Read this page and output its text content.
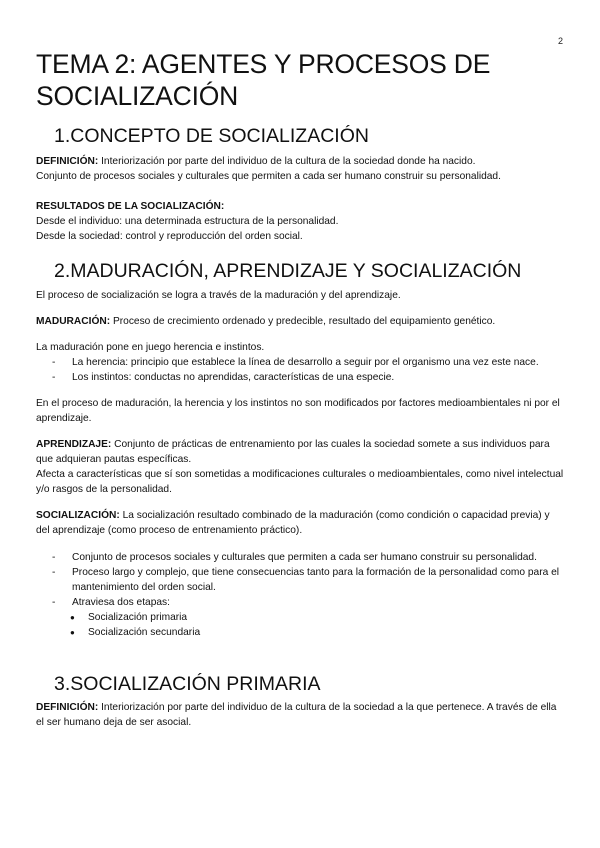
2
TEMA 2: AGENTES Y PROCESOS DE
SOCIALIZACIÓN
1.CONCEPTO DE SOCIALIZACIÓN

DEFINICIÓN: Interiorización por parte del individuo de la cultura de la sociedad donde ha nacido.
Conjunto de procesos sociales y culturales que permiten a cada ser humano construir su personalidad.

RESULTADOS DE LA SOCIALIZACIÓN:
Desde el individuo: una determinada estructura de la personalidad.
Desde la sociedad: control y reproducción del orden social.

2.MADURACIÓN, APRENDIZAJE Y SOCIALIZACIÓN

El proceso de socialización se logra a través de la maduración y del aprendizaje.

MADURACIÓN: Proceso de crecimiento ordenado y predecible, resultado del equipamiento genético.

La maduración pone en juego herencia e instintos.

- La herencia: principio que establece la línea de desarrollo a seguir por el organismo una vez este nace.
- Los instintos: conductas no aprendidas, características de una especie.

En el proceso de maduración, la herencia y los instintos no son modificados por factores medioambientales ni por el aprendizaje.

APRENDIZAJE: Conjunto de prácticas de entrenamiento por las cuales la sociedad somete a sus individuos para que adquieran pautas específicas.
Afecta a características que sí son sometidas a modificaciones culturales o medioambientales, como nivel intelectual y/o rasgos de la personalidad.

SOCIALIZACIÓN: La socialización resultado combinado de la maduración (como condición o capacidad previa) y del aprendizaje (como proceso de entrenamiento práctico).

- Conjunto de procesos sociales y culturales que permiten a cada ser humano construir su personalidad.
- Proceso largo y complejo, que tiene consecuencias tanto para la formación de la personalidad como para el mantenimiento del orden social.
- Atraviesa dos etapas:
● Socialización primaria
● Socialización secundaria
3.SOCIALIZACIÓN PRIMARIA

DEFINICIÓN: Interiorización por parte del individuo de la cultura de la sociedad a la que pertenece. A través de ella el ser humano deja de ser asocial.
